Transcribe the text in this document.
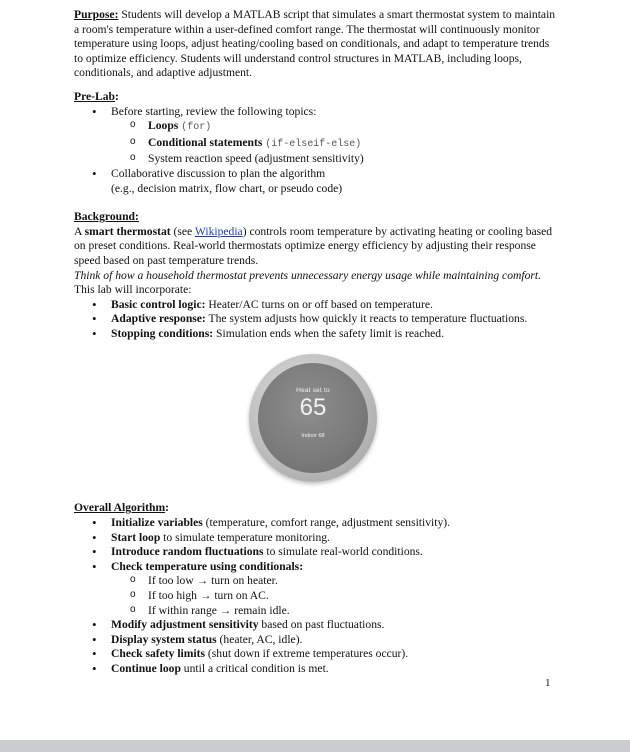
Purpose: Students will develop a MATLAB script that simulates a smart thermostat system to maintain a room's temperature within a user-defined comfort range. The thermostat will continuously monitor temperature using loops, adjust heating/cooling based on conditionals, and adapt to temperature trends to optimize efficiency. Students will understand control structures in MATLAB, including loops, conditionals, and adaptive adjustment.

Pre-Lab:

• Before starting, review the following topics:
o Loops (for)
o Conditional statements (if-elseif-else)
o System reaction speed (adjustment sensitivity)
• Collaborative discussion to plan the algorithm
(e.g., decision matrix, flow chart, or pseudo code)

Background:

A smart thermostat (see Wikipedia) controls room temperature by activating heating or cooling based on preset conditions. Real-world thermostats optimize energy efficiency by adjusting their response speed based on past temperature trends.

Think of how a household thermostat prevents unnecessary energy usage while maintaining comfort. This lab will incorporate:

• Basic control logic: Heater/AC turns on or off based on temperature.
• Adaptive response: The system adjusts how quickly it reacts to temperature fluctuations.
• Stopping conditions: Simulation ends when the safety limit is reached.
Heat set to
65
Indoor 68

Overall Algorithm:

• Initialize variables (temperature, comfort range, adjustment sensitivity).
• Start loop to simulate temperature monitoring.
• Introduce random fluctuations to simulate real-world conditions.
• Check temperature using conditionals:
o If too low → turn on heater.
o If too high → turn on AC.
o If within range → remain idle.
• Modify adjustment sensitivity based on past fluctuations.
• Display system status (heater, AC, idle).
• Check safety limits (shut down if extreme temperatures occur).
• Continue loop until a critical condition is met.
1
